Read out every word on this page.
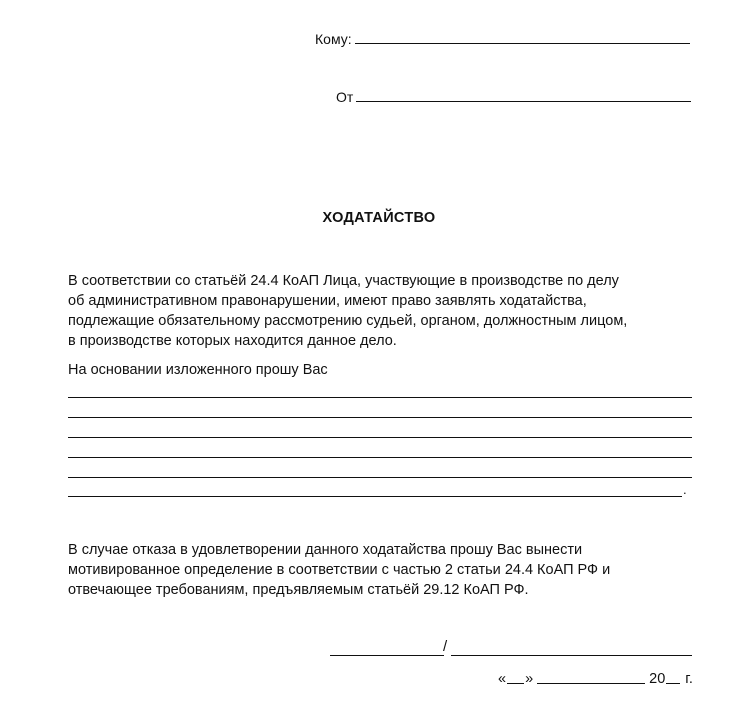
Кому:
От
ХОДАТАЙСТВО

В соответствии со статьёй 24.4 КоАП Лица, участвующие в производстве по делу
об административном правонарушении, имеют право заявлять ходатайства,
подлежащие обязательному рассмотрению судьей, органом, должностным лицом,
в производстве которых находится данное дело.

На основании изложенного прошу Вас

.

В случае отказа в удовлетворении данного ходатайства прошу Вас вынести
мотивированное определение в соответствии с частью 2 статьи 24.4 КоАП РФ и
отвечающее требованиям, предъявляемым статьёй 29.12 КоАП РФ.

/
« »	20 г.
